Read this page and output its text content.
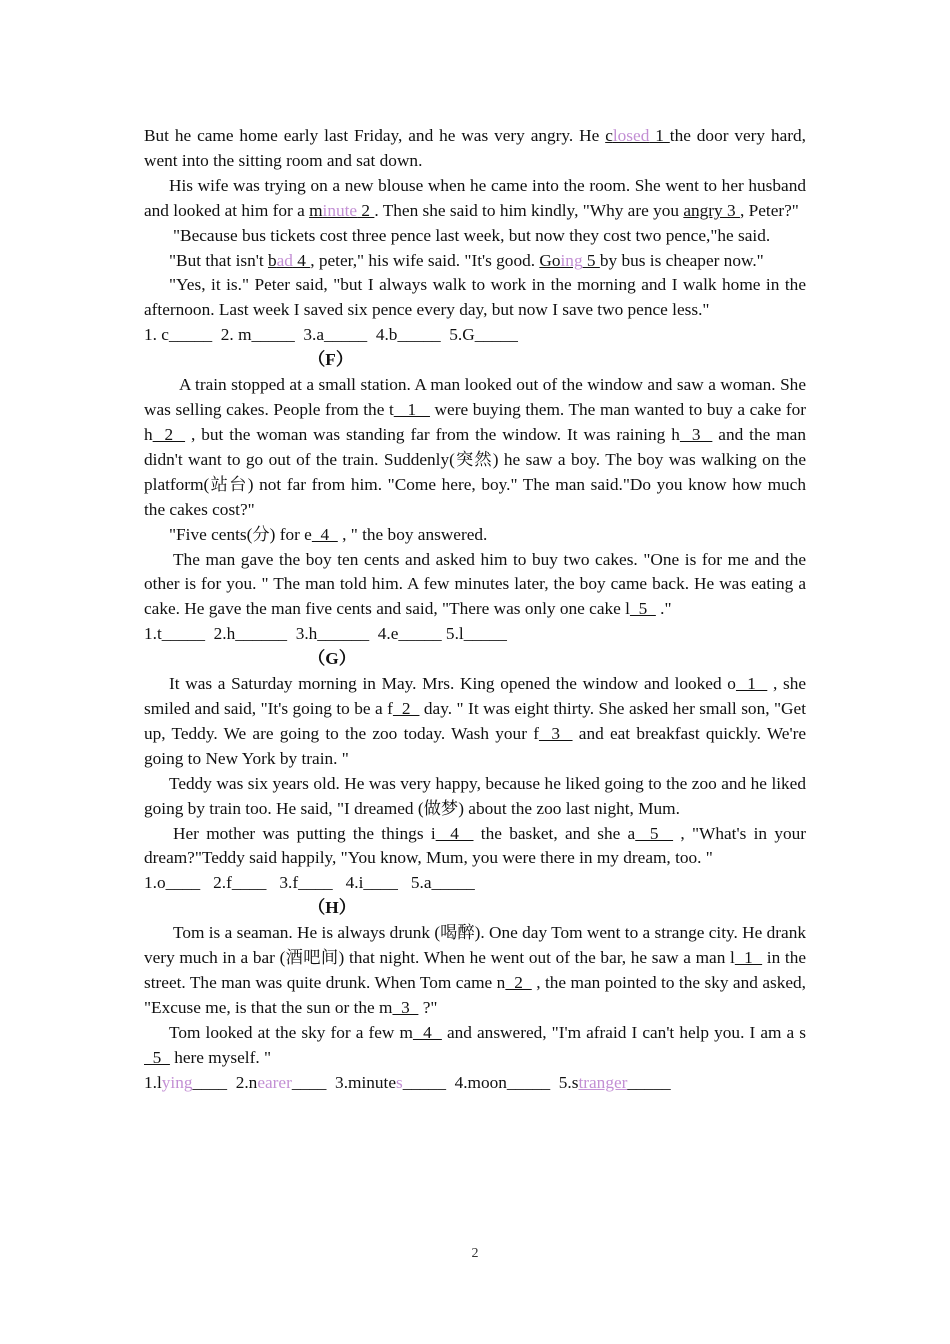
But he came home early last Friday, and he was very angry. He closed 1 the door very hard, went into the sitting room and sat down.

His wife was trying on a new blouse when he came into the room. She went to her husband and looked at him for a minute 2 . Then she said to him kindly, "Why are you angry 3 , Peter?"

"Because bus tickets cost three pence last week, but now they cost two pence,"he said.

"But that isn't bad 4 , peter," his wife said. "It's good. Going 5 by bus is cheaper now."

"Yes, it is." Peter said, "but I always walk to work in the morning and I walk home in the afternoon. Last week I saved six pence every day, but now I save two pence less."

1. c_____  2. m_____  3.a_____  4.b_____  5.G_____

（F）

A train stopped at a small station. A man looked out of the window and saw a woman. She was selling cakes. People from the t   1    were buying them. The man wanted to buy a cake for h  2   , but the woman was standing far from the window. It was raining h  3   and the man didn't want to go out of the train. Suddenly(突然) he saw a boy. The boy was walking on the platform(站台) not far from him. "Come here, boy." The man said."Do you know how much the cakes cost?"

"Five cents(分) for e  4   , " the boy answered.

The man gave the boy ten cents and asked him to buy two cakes. "One is for me and the other is for you. " The man told him. A few minutes later, the boy came back. He was eating a cake. He gave the man five cents and said, "There was only one cake l  5   ."

1.t_____  2.h______  3.h______  4.e_____ 5.l_____

（G）

It was a Saturday morning in May. Mrs. King opened the window and looked o  1   , she smiled and said, "It's going to be a f  2   day. " It was eight thirty. She asked her small son, "Get up, Teddy. We are going to the zoo today. Wash your f  3   and eat breakfast quickly. We're going to New York by train. "

Teddy was six years old. He was very happy, because he liked going to the zoo and he liked going by train too. He said, "I dreamed (做梦) about the zoo last night, Mum.

Her mother was putting the things i  4   the basket, and she a  5   , "What's in your dream?"Teddy said happily, "You know, Mum, you were there in my dream, too. "

1.o____   2.f____   3.f____   4.i____   5.a_____

（H）

Tom is a seaman. He is always drunk (喝醉). One day Tom went to a strange city. He drank very much in a bar (酒吧间) that night. When he went out of the bar, he saw a man l  1   in the street. The man was quite drunk. When Tom came n  2   , the man pointed to the sky and asked, "Excuse me, is that the sun or the m  3   ?"

Tom looked at the sky for a few m  4   and answered, "I'm afraid I can't help you. I am a s  5   here myself. "

1.lying____  2.nearer____  3.minutes_____  4.moon_____  5.stranger_____

2
